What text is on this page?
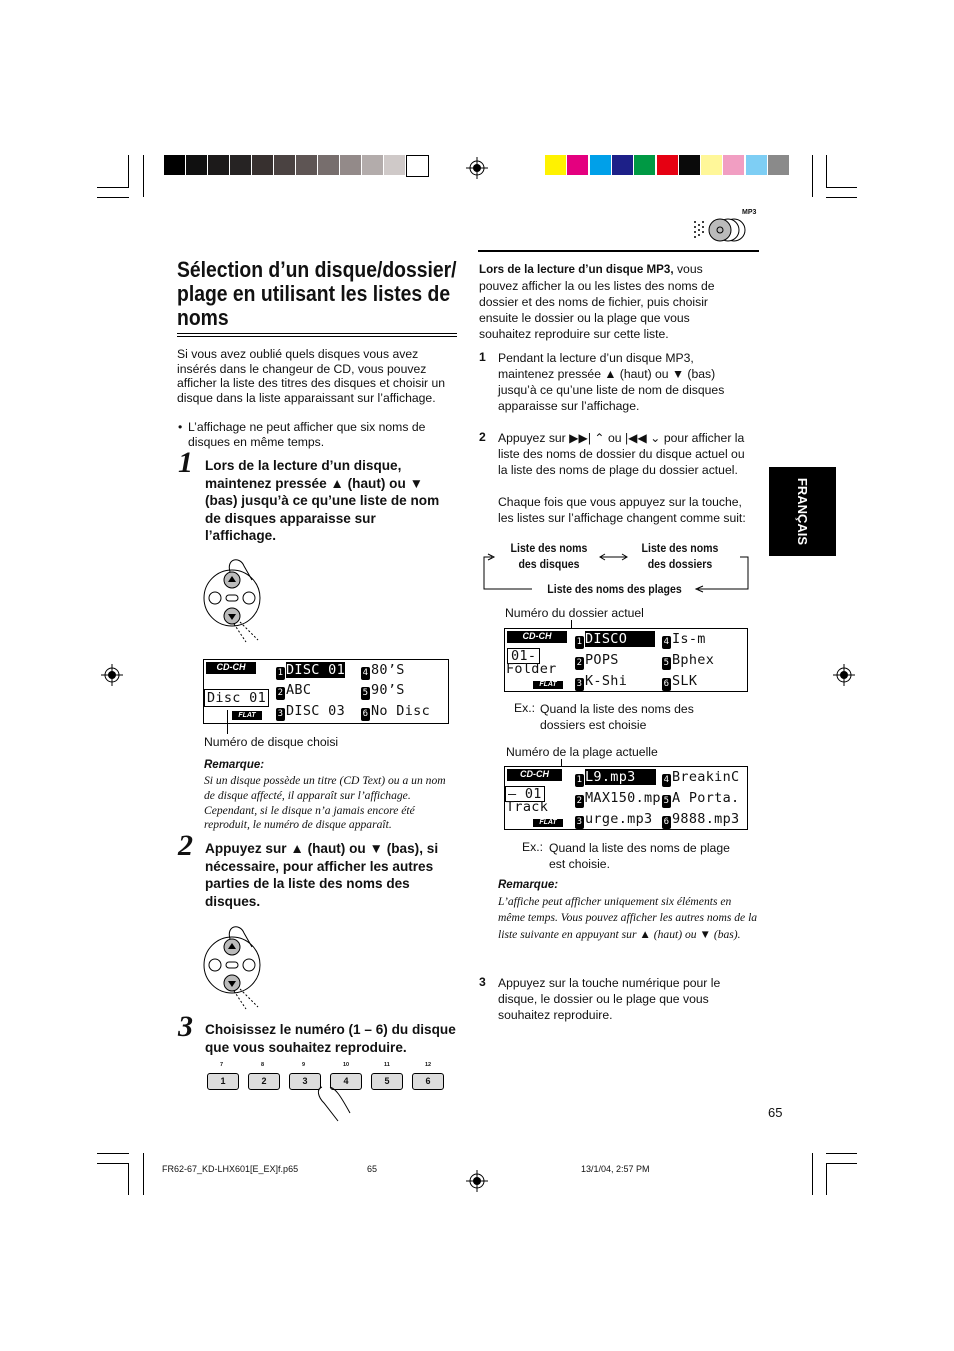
MP3
Sélection d’un disque/dossier/ plage en utilisant les listes de noms
Si vous avez oublié quels disques vous avez insérés dans le changeur de CD, vous pouvez afficher la liste des titres des disques et choisir un disque dans la liste apparaissant sur l’affichage.
• L’affichage ne peut afficher que six noms de disques en même temps.
1 Lors de la lecture d’un disque, maintenez pressée ▲ (haut) ou ▼ (bas) jusqu’à ce qu’une liste de nom de disques apparaisse sur l’affichage.
CD-CH
Disc 01
FLAT
1 DISC 01
2 ABC
3 DISC 03
4 80’S
5 90’S
6 No Disc
Numéro de disque choisi
Remarque:
Si un disque possède un titre (CD Text) ou a un nom de disque affecté, il apparaît sur l’affichage. Cependant, si le disque n’a jamais encore été reproduit, le numéro de disque apparaît.
2 Appuyez sur ▲ (haut) ou ▼ (bas), si nécessaire, pour afficher les autres parties de la liste des noms des disques.
3 Choisissez le numéro (1 – 6) du disque que vous souhaitez reproduire.
1
7
2
8
3
9
4
10
5
11
6
12
Lors de la lecture d’un disque MP3, vous pouvez afficher la ou les listes des noms de dossier et des noms de fichier, puis choisir ensuite le dossier ou la plage que vous souhaitez reproduire sur cette liste.
1 Pendant la lecture d’un disque MP3, maintenez pressée ▲ (haut) ou ▼ (bas) jusqu’à ce qu’une liste de nom de disques apparaisse sur l’affichage.
2 Appuyez sur ▶▶| ⌃ ou |◀◀ ⌄ pour afficher la liste des noms de dossier du disque actuel ou la liste des noms de plage du dossier actuel.
Chaque fois que vous appuyez sur la touche, les listes sur l’affichage changent comme suit:
Liste des noms des disques
Liste des noms des dossiers
Liste des noms des plages
Numéro du dossier actuel
CD-CH
01-
Folder
FLAT
1 DISCO
2 POPS
3 K-Shi
4 Is-m
5 Bphex
6 SLK
Ex.: Quand la liste des noms des dossiers est choisie
Numéro de la plage actuelle
CD-CH
– 01
Track
FLAT
1 L9.mp3
2 MAX150.mp
3 urge.mp3
4 BreakinC
5 A Porta.
6 9888.mp3
Ex.: Quand la liste des noms de plage est choisie.
Remarque:
L’affiche peut afficher uniquement six éléments en même temps. Vous pouvez afficher les autres noms de la liste suivante en appuyant sur ▲ (haut) ou ▼ (bas).
3 Appuyez sur la touche numérique pour le disque, le dossier ou le plage que vous souhaitez reproduire.
FRANÇAIS
65
FR62-67_KD-LHX601[E_EX]f.p65	65	13/1/04, 2:57 PM
